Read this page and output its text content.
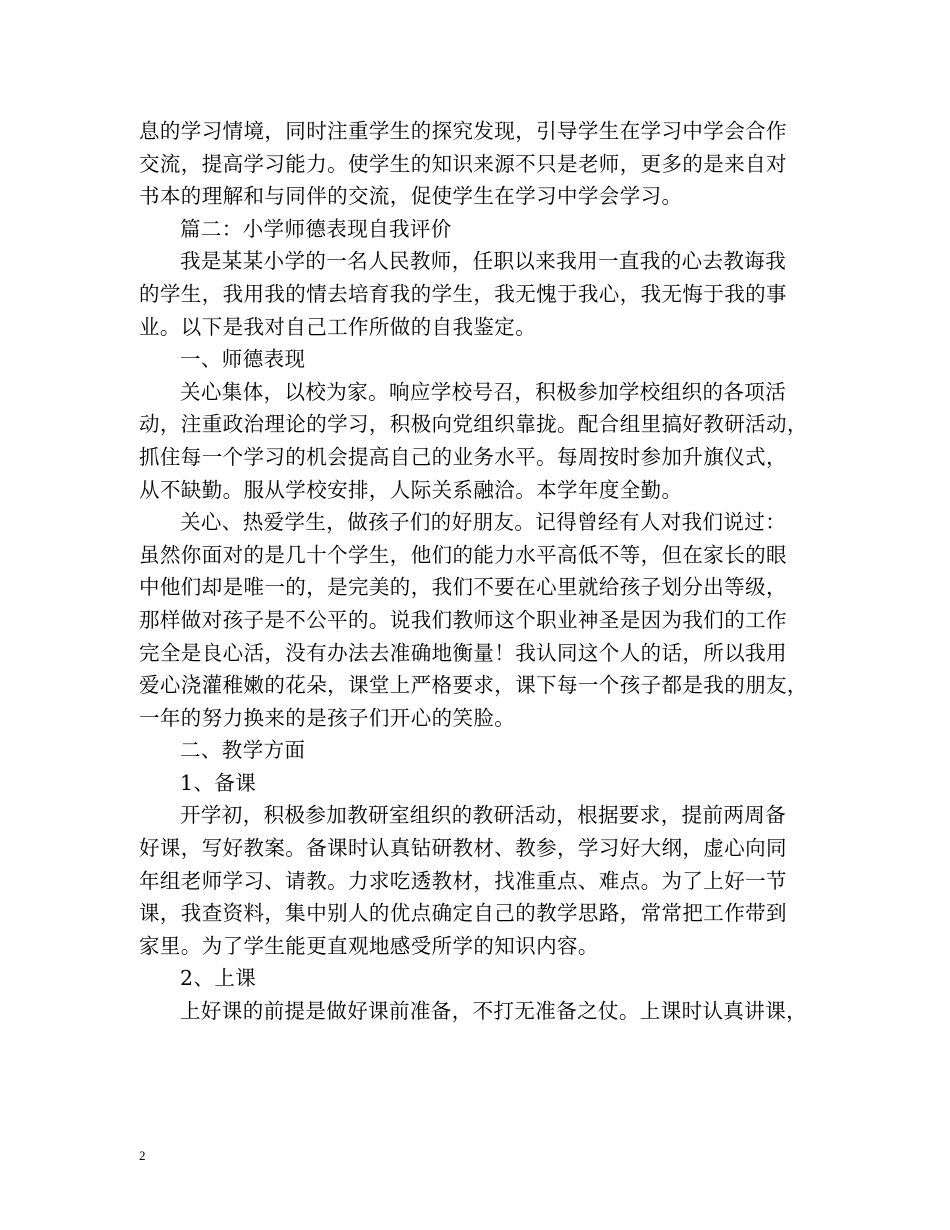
息的学习情境，同时注重学生的探究发现，引导学生在学习中学会合作
交流，提高学习能力。使学生的知识来源不只是老师，更多的是来自对
书本的理解和与同伴的交流，促使学生在学习中学会学习。
篇二：小学师德表现自我评价
我是某某小学的一名人民教师，任职以来我用一直我的心去教诲我
的学生，我用我的情去培育我的学生，我无愧于我心，我无悔于我的事
业。以下是我对自己工作所做的自我鉴定。
一、师德表现
关心集体，以校为家。响应学校号召，积极参加学校组织的各项活
动，注重政治理论的学习，积极向党组织靠拢。配合组里搞好教研活动，
抓住每一个学习的机会提高自己的业务水平。每周按时参加升旗仪式，
从不缺勤。服从学校安排，人际关系融洽。本学年度全勤。
关心、热爱学生，做孩子们的好朋友。记得曾经有人对我们说过：
虽然你面对的是几十个学生，他们的能力水平高低不等，但在家长的眼
中他们却是唯一的，是完美的，我们不要在心里就给孩子划分出等级，
那样做对孩子是不公平的。说我们教师这个职业神圣是因为我们的工作
完全是良心活，没有办法去准确地衡量！我认同这个人的话，所以我用
爱心浇灌稚嫩的花朵，课堂上严格要求，课下每一个孩子都是我的朋友，
一年的努力换来的是孩子们开心的笑脸。
二、教学方面
1、备课
开学初，积极参加教研室组织的教研活动，根据要求，提前两周备
好课，写好教案。备课时认真钻研教材、教参，学习好大纲，虚心向同
年组老师学习、请教。力求吃透教材，找准重点、难点。为了上好一节
课，我查资料，集中别人的优点确定自己的教学思路，常常把工作带到
家里。为了学生能更直观地感受所学的知识内容。
2、上课
上好课的前提是做好课前准备，不打无准备之仗。上课时认真讲课，
2
